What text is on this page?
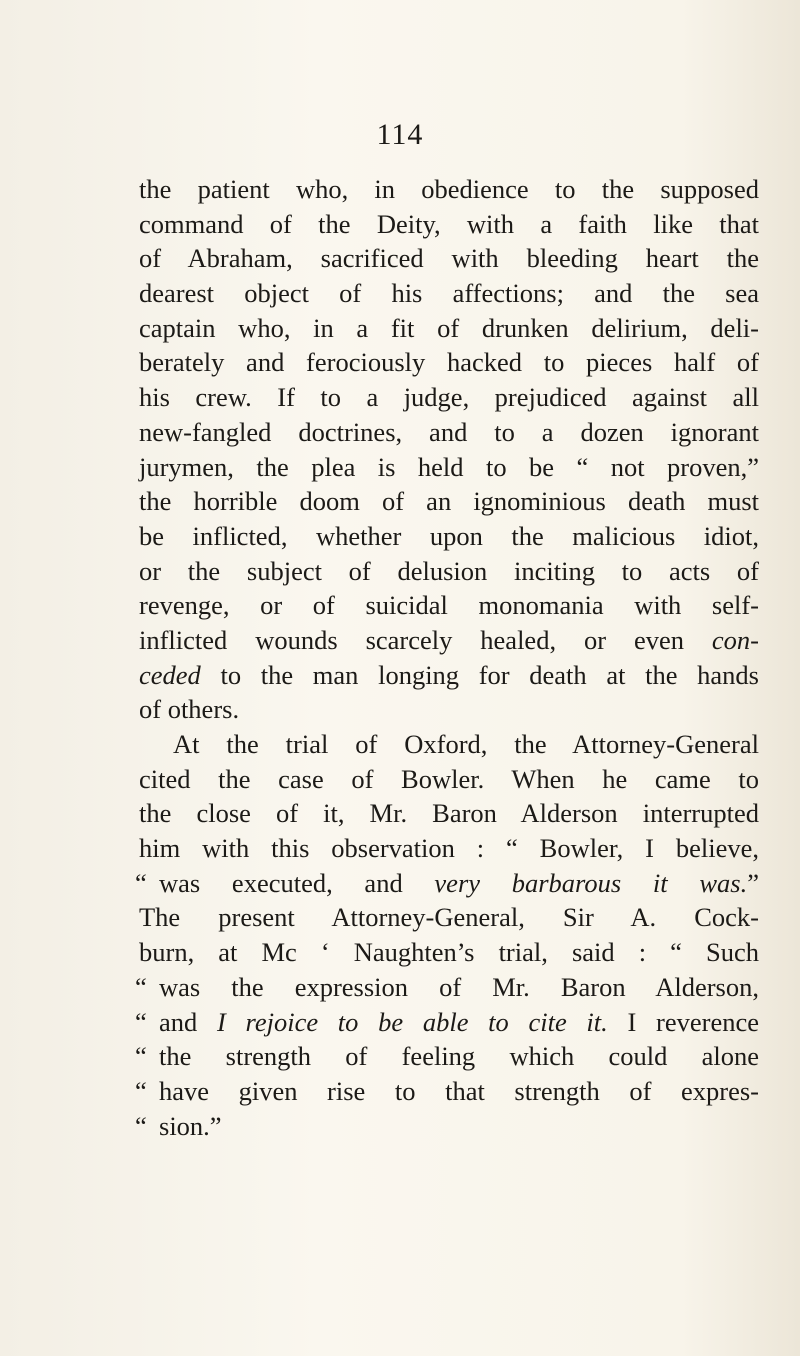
114
the patient who, in obedience to the supposed
command of the Deity, with a faith like that
of Abraham, sacrificed with bleeding heart the
dearest object of his affections; and the sea
captain who, in a fit of drunken delirium, deli-
berately and ferociously hacked to pieces half of
his crew. If to a judge, prejudiced against all
new-fangled doctrines, and to a dozen ignorant
jurymen, the plea is held to be “ not proven,”
the horrible doom of an ignominious death must
be inflicted, whether upon the malicious idiot,
or the subject of delusion inciting to acts of
revenge, or of suicidal monomania with self-
inflicted wounds scarcely healed, or even con-
ceded to the man longing for death at the hands
of others.
At the trial of Oxford, the Attorney-General
cited the case of Bowler. When he came to
the close of it, Mr. Baron Alderson interrupted
him with this observation : “ Bowler, I believe,
“ was executed, and very barbarous it was.”
The present Attorney-General, Sir A. Cock-
burn, at Mc ‘ Naughten’s trial, said : “ Such
“ was the expression of Mr. Baron Alderson,
“ and I rejoice to be able to cite it. I reverence
“ the strength of feeling which could alone
“ have given rise to that strength of expres-
“ sion.”
